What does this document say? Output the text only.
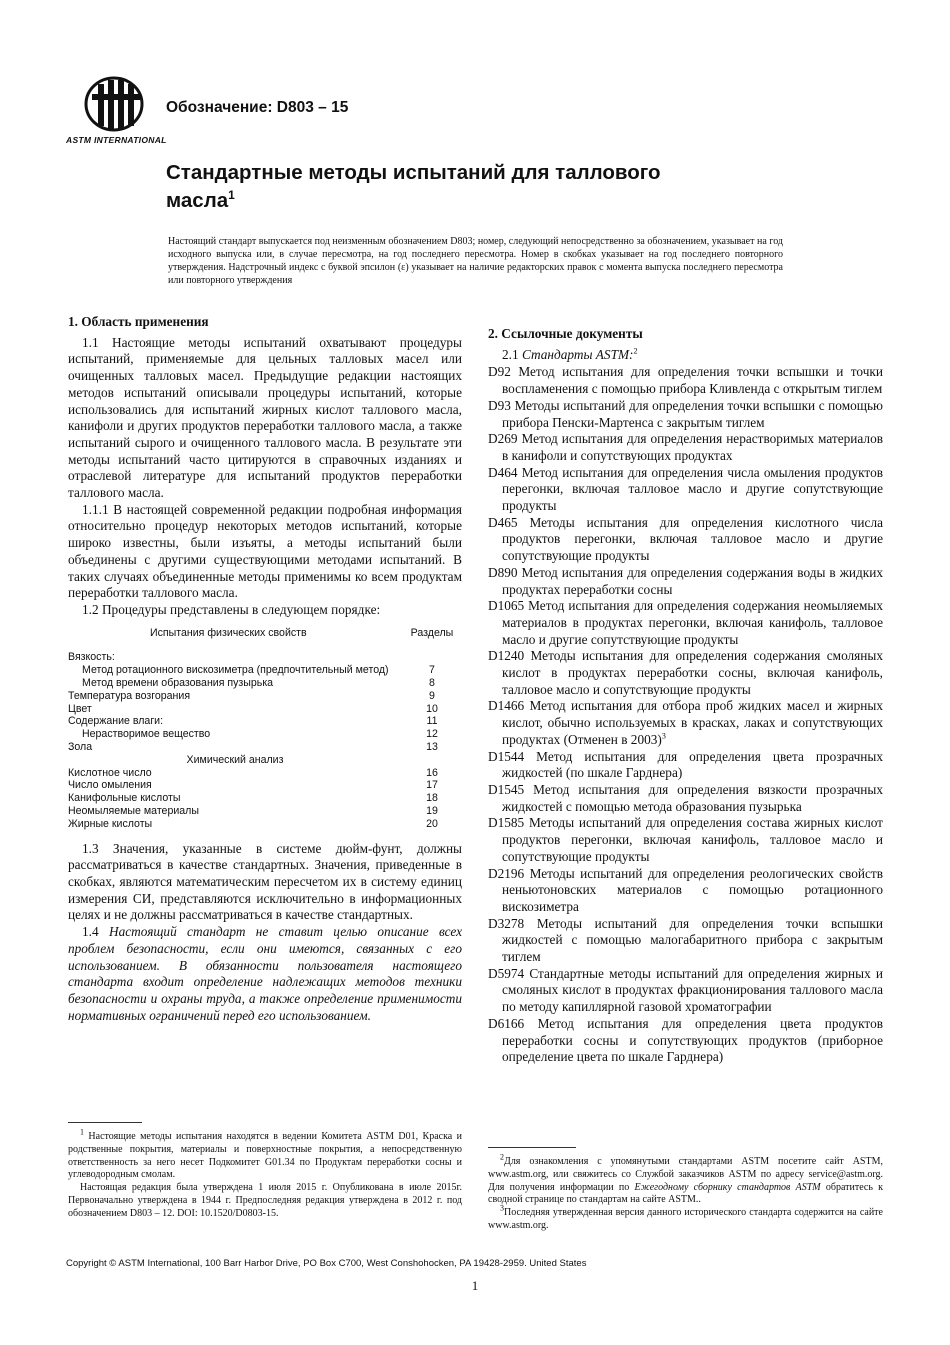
ASTM INTERNATIONAL
Обозначение: D803 – 15
Стандартные методы испытаний для таллового масла$^1$
Настоящий стандарт выпускается под неизменным обозначением D803; номер, следующий непосредственно за обозначением, указывает на год исходного выпуска или, в случае пересмотра, на год последнего пересмотра. Номер в скобках указывает на год последнего повторного утверждения. Надстрочный индекс с буквой эпсилон (ε) указывает на наличие редакторских правок с момента выпуска последнего пересмотра или повторного утверждения
1. Область применения

1.1 Настоящие методы испытаний охватывают процедуры испытаний, применяемые для цельных талловых масел или очищенных талловых масел. Предыдущие редакции настоящих методов испытаний описывали процедуры испытаний, которые использовались для испытаний жирных кислот таллового масла, канифоли и других продуктов переработки таллового масла, а также испытаний сырого и очищенного таллового масла. В результате эти методы испытаний часто цитируются в справочных изданиях и отраслевой литературе для испытаний продуктов переработки таллового масла.

1.1.1 В настоящей современной редакции подробная информация относительно процедур некоторых методов испытаний, которые широко известны, были изъяты, а методы испытаний были объединены с другими существующими методами испытаний. В таких случаях объединенные методы применимы ко всем продуктам переработки таллового масла.

1.2 Процедуры представлены в следующем порядке:

Испытания физических свойств	Разделы
Вязкость:	
Метод ротационного вискозиметра (предпочтительный метод)	7
Метод времени образования пузырька	8
Температура возгорания	9
Цвет	10
Содержание влаги:	11
Нерастворимое вещество	12
Зола	13
Химический анализ	
Кислотное число	16
Число омыления	17
Канифольные кислоты	18
Неомыляемые материалы	19
Жирные кислоты	20

1.3 Значения, указанные в системе дюйм-фунт, должны рассматриваться в качестве стандартных. Значения, приведенные в скобках, являются математическим пересчетом их в систему единиц измерения СИ, представляются исключительно в информационных целях и не должны рассматриваться в качестве стандартных.

1.4 Настоящий стандарт не ставит целью описание всех проблем безопасности, если они имеются, связанных с его использованием. В обязанности пользователя настоящего стандарта входит определение надлежащих методов техники безопасности и охраны труда, а также определение применимости нормативных ограничений перед его использованием.

2. Ссылочные документы
2.1 Стандарты ASTM:$^2$

D92 Метод испытания для определения точки вспышки и точки воспламенения с помощью прибора Кливленда с открытым тиглем

D93 Методы испытаний для определения точки вспышки с помощью прибора Пенски-Мартенса с закрытым тиглем

D269 Метод испытания для определения нерастворимых материалов в канифоли и сопутствующих продуктах

D464 Метод испытания для определения числа омыления продуктов перегонки, включая талловое масло и другие сопутствующие продукты

D465 Методы испытания для определения кислотного числа продуктов перегонки, включая талловое масло и другие сопутствующие продукты

D890 Метод испытания для определения содержания воды в жидких продуктах переработки сосны

D1065 Метод испытания для определения содержания неомыляемых материалов в продуктах перегонки, включая канифоль, талловое масло и другие сопутствующие продукты

D1240 Методы испытания для определения содержания смоляных кислот в продуктах переработки сосны, включая канифоль, талловое масло и сопутствующие продукты

D1466 Метод испытания для отбора проб жидких масел и жирных кислот, обычно используемых в красках, лаках и сопутствующих продуктах (Отменен в 2003)$^3$

D1544 Метод испытания для определения цвета прозрачных жидкостей (по шкале Гарднера)

D1545 Метод испытания для определения вязкости прозрачных жидкостей с помощью метода образования пузырька

D1585 Методы испытаний для определения состава жирных кислот продуктов перегонки, включая канифоль, талловое масло и сопутствующие продукты

D2196 Методы испытаний для определения реологических свойств неньютоновских материалов с помощью ротационного вискозиметра

D3278 Методы испытаний для определения точки вспышки жидкостей с помощью малогабаритного прибора с закрытым тиглем

D5974 Стандартные методы испытаний для определения жирных и смоляных кислот в продуктах фракционирования таллового масла по методу капиллярной газовой хроматографии

D6166 Метод испытания для определения цвета продуктов переработки сосны и сопутствующих продуктов (приборное определение цвета по шкале Гарднера)

$^1$ Настоящие методы испытания находятся в ведении Комитета ASTM D01, Краска и родственные покрытия, материалы и поверхностные покрытия, а непосредственную ответственность за него несет Подкомитет G01.34 по Продуктам переработки сосны и углеводородным смолам.

Настоящая редакция была утверждена 1 июля 2015 г. Опубликована в июле 2015г. Первоначально утверждена в 1944 г. Предпоследняя редакция утверждена в 2012 г. под обозначением D803 – 12. DOI: 10.1520/D0803-15.

$^2$Для ознакомления с упомянутыми стандартами ASTM посетите сайт ASTM, www.astm.org, или свяжитесь со Службой заказчиков ASTM по адресу service@astm.org. Для получения информации по Ежегодному сборнику стандартов ASTM обратитесь к сводной странице по стандартам на сайте ASTM..

$^3$Последняя утвержденная версия данного исторического стандарта содержится на сайте www.astm.org.

Copyright © ASTM International, 100 Barr Harbor Drive, PO Box C700, West Conshohocken, PA 19428-2959. United States
1
